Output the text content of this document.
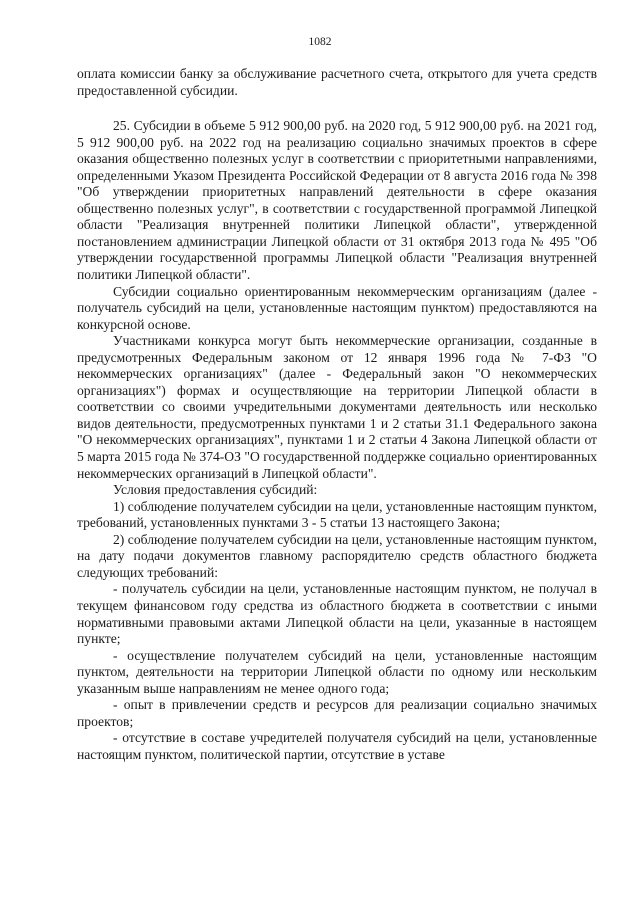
1082

оплата комиссии банку за обслуживание расчетного счета, открытого для учета средств предоставленной субсидии.

25. Субсидии в объеме 5 912 900,00 руб. на 2020 год, 5 912 900,00 руб. на 2021 год, 5 912 900,00 руб. на 2022 год на реализацию социально значимых проектов в сфере оказания общественно полезных услуг в соответствии с приоритетными направлениями, определенными Указом Президента Российской Федерации от 8 августа 2016 года № 398 "Об утверждении приоритетных направлений деятельности в сфере оказания общественно полезных услуг", в соответствии с государственной программой Липецкой области "Реализация внутренней политики Липецкой области", утвержденной постановлением администрации Липецкой области от 31 октября 2013 года № 495 "Об утверждении государственной программы Липецкой области "Реализация внутренней политики Липецкой области".

Субсидии социально ориентированным некоммерческим организациям (далее - получатель субсидий на цели, установленные настоящим пунктом) предоставляются на конкурсной основе.

Участниками конкурса могут быть некоммерческие организации, созданные в предусмотренных Федеральным законом от 12 января 1996 года № 7-ФЗ "О некоммерческих организациях" (далее - Федеральный закон "О некоммерческих организациях") формах и осуществляющие на территории Липецкой области в соответствии со своими учредительными документами деятельность или несколько видов деятельности, предусмотренных пунктами 1 и 2 статьи 31.1 Федерального закона "О некоммерческих организациях", пунктами 1 и 2 статьи 4 Закона Липецкой области от 5 марта 2015 года № 374-ОЗ "О государственной поддержке социально ориентированных некоммерческих организаций в Липецкой области".

Условия предоставления субсидий:

1) соблюдение получателем субсидии на цели, установленные настоящим пунктом, требований, установленных пунктами 3 - 5 статьи 13 настоящего Закона;

2) соблюдение получателем субсидии на цели, установленные настоящим пунктом, на дату подачи документов главному распорядителю средств областного бюджета следующих требований:

- получатель субсидии на цели, установленные настоящим пунктом, не получал в текущем финансовом году средства из областного бюджета в соответствии с иными нормативными правовыми актами Липецкой области на цели, указанные в настоящем пункте;

- осуществление получателем субсидий на цели, установленные настоящим пунктом, деятельности на территории Липецкой области по одному или нескольким указанным выше направлениям не менее одного года;

- опыт в привлечении средств и ресурсов для реализации социально значимых проектов;

- отсутствие в составе учредителей получателя субсидий на цели, установленные настоящим пунктом, политической партии, отсутствие в уставе
